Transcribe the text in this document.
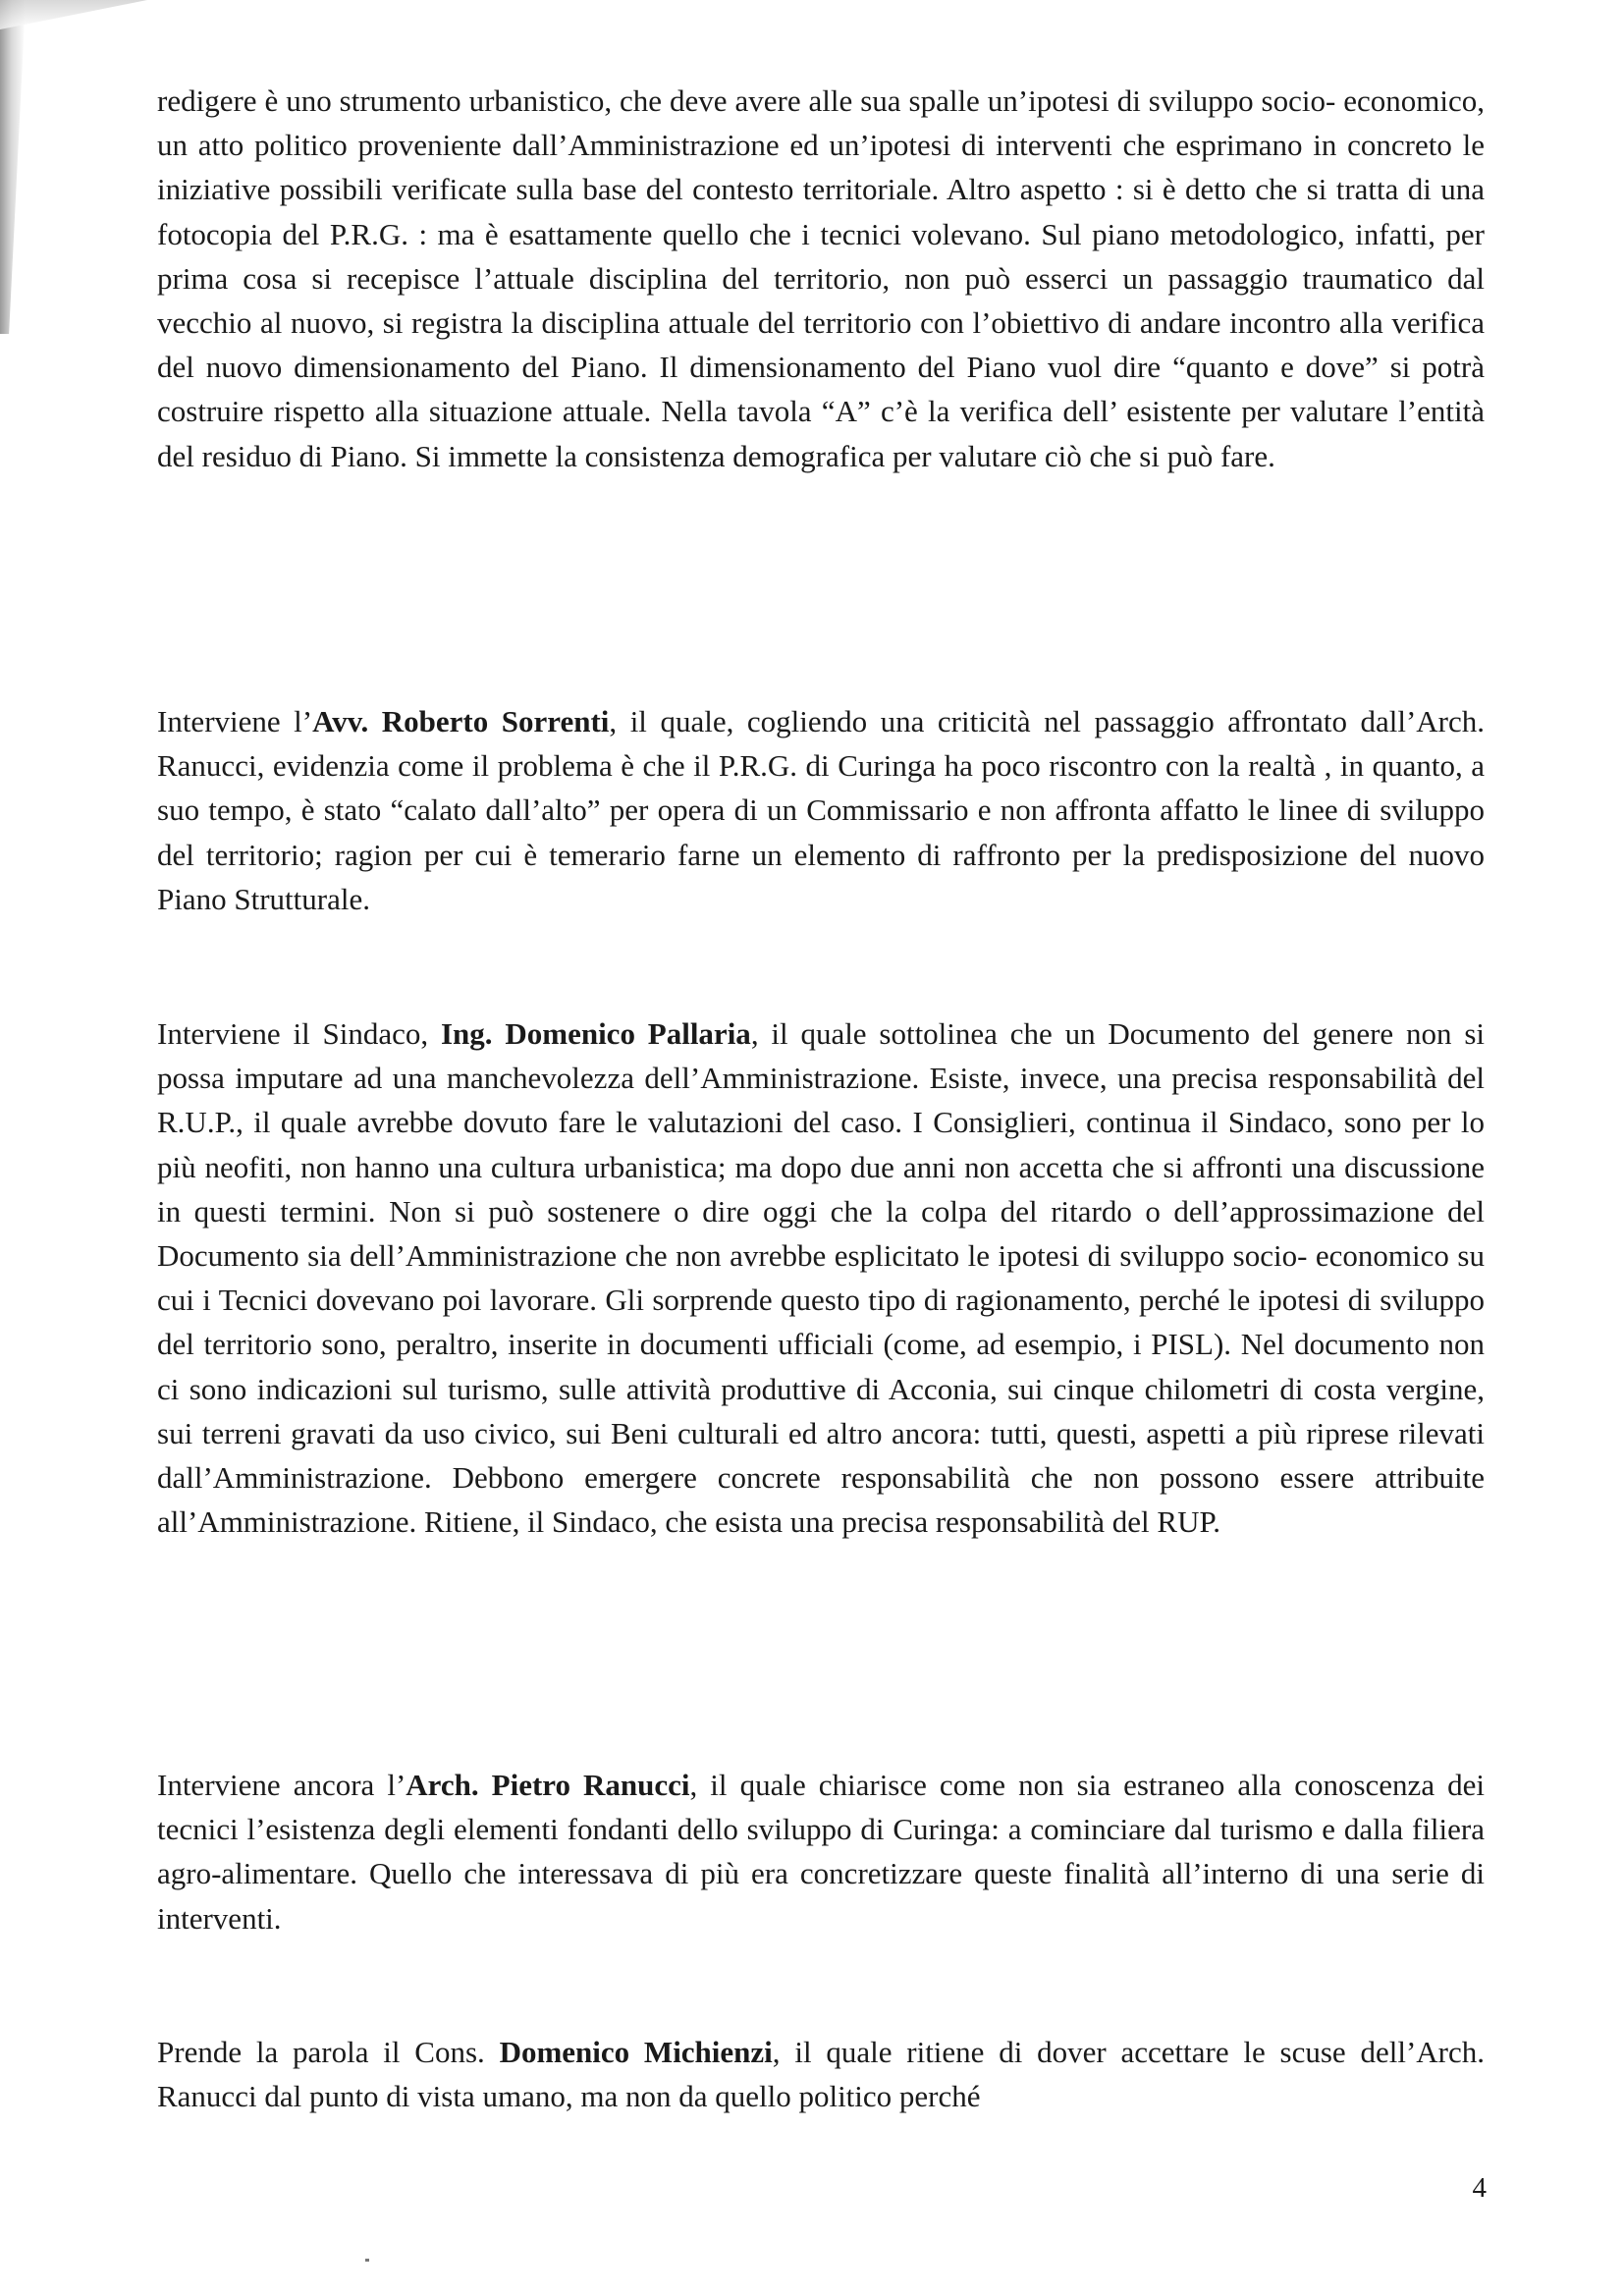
redigere è uno strumento urbanistico, che deve avere alle sua spalle un’ipotesi di sviluppo socio- economico, un atto politico proveniente dall’Amministrazione ed un’ipotesi di interventi che esprimano in concreto le iniziative possibili verificate sulla base del contesto territoriale. Altro aspetto : si è detto che si tratta di una fotocopia del P.R.G. : ma è esattamente quello che i tecnici volevano. Sul piano metodologico, infatti, per prima cosa si recepisce l’attuale disciplina del territorio, non può esserci un passaggio traumatico dal vecchio al nuovo, si registra la disciplina attuale del territorio con l’obiettivo di andare incontro alla verifica del nuovo dimensionamento del Piano. Il dimensionamento del Piano vuol dire “quanto e dove” si potrà costruire rispetto alla situazione attuale. Nella tavola “A” c’è la verifica dell’ esistente per valutare l’entità del residuo di Piano. Si immette la consistenza demografica per valutare ciò che si può fare.

Interviene l’Avv. Roberto Sorrenti, il quale, cogliendo una criticità nel passaggio affrontato dall’Arch. Ranucci, evidenzia come il problema è che il P.R.G. di Curinga ha poco riscontro con la realtà , in quanto, a suo tempo, è stato “calato dall’alto” per opera di un Commissario e non affronta affatto le linee di sviluppo del territorio; ragion per cui è temerario farne un elemento di raffronto per la predisposizione del nuovo Piano Strutturale.

Interviene il Sindaco, Ing. Domenico Pallaria, il quale sottolinea che un Documento del genere non si possa imputare ad una manchevolezza dell’Amministrazione. Esiste, invece, una precisa responsabilità del R.U.P., il quale avrebbe dovuto fare le valutazioni del caso. I Consiglieri, continua il Sindaco, sono per lo più neofiti, non hanno una cultura urbanistica; ma dopo due anni non accetta che si affronti una discussione in questi termini. Non si può sostenere o dire oggi che la colpa del ritardo o dell’approssimazione del Documento sia dell’Amministrazione che non avrebbe esplicitato le ipotesi di sviluppo socio- economico su cui i Tecnici dovevano poi lavorare. Gli sorprende questo tipo di ragionamento, perché le ipotesi di sviluppo del territorio sono, peraltro, inserite in documenti ufficiali (come, ad esempio, i PISL). Nel documento non ci sono indicazioni sul turismo, sulle attività produttive di Acconia, sui cinque chilometri di costa vergine, sui terreni gravati da uso civico, sui Beni culturali ed altro ancora: tutti, questi, aspetti a più riprese rilevati dall’Amministrazione. Debbono emergere concrete responsabilità che non possono essere attribuite all’Amministrazione. Ritiene, il Sindaco, che esista una precisa responsabilità del RUP.

Interviene ancora l’Arch. Pietro Ranucci, il quale chiarisce come non sia estraneo alla conoscenza dei tecnici l’esistenza degli elementi fondanti dello sviluppo di Curinga: a cominciare dal turismo e dalla filiera agro-alimentare. Quello che interessava di più era concretizzare queste finalità all’interno di una serie di interventi.

Prende la parola il Cons. Domenico Michienzi, il quale ritiene di dover accettare le scuse dell’Arch. Ranucci dal punto di vista umano, ma non da quello politico perché

4
